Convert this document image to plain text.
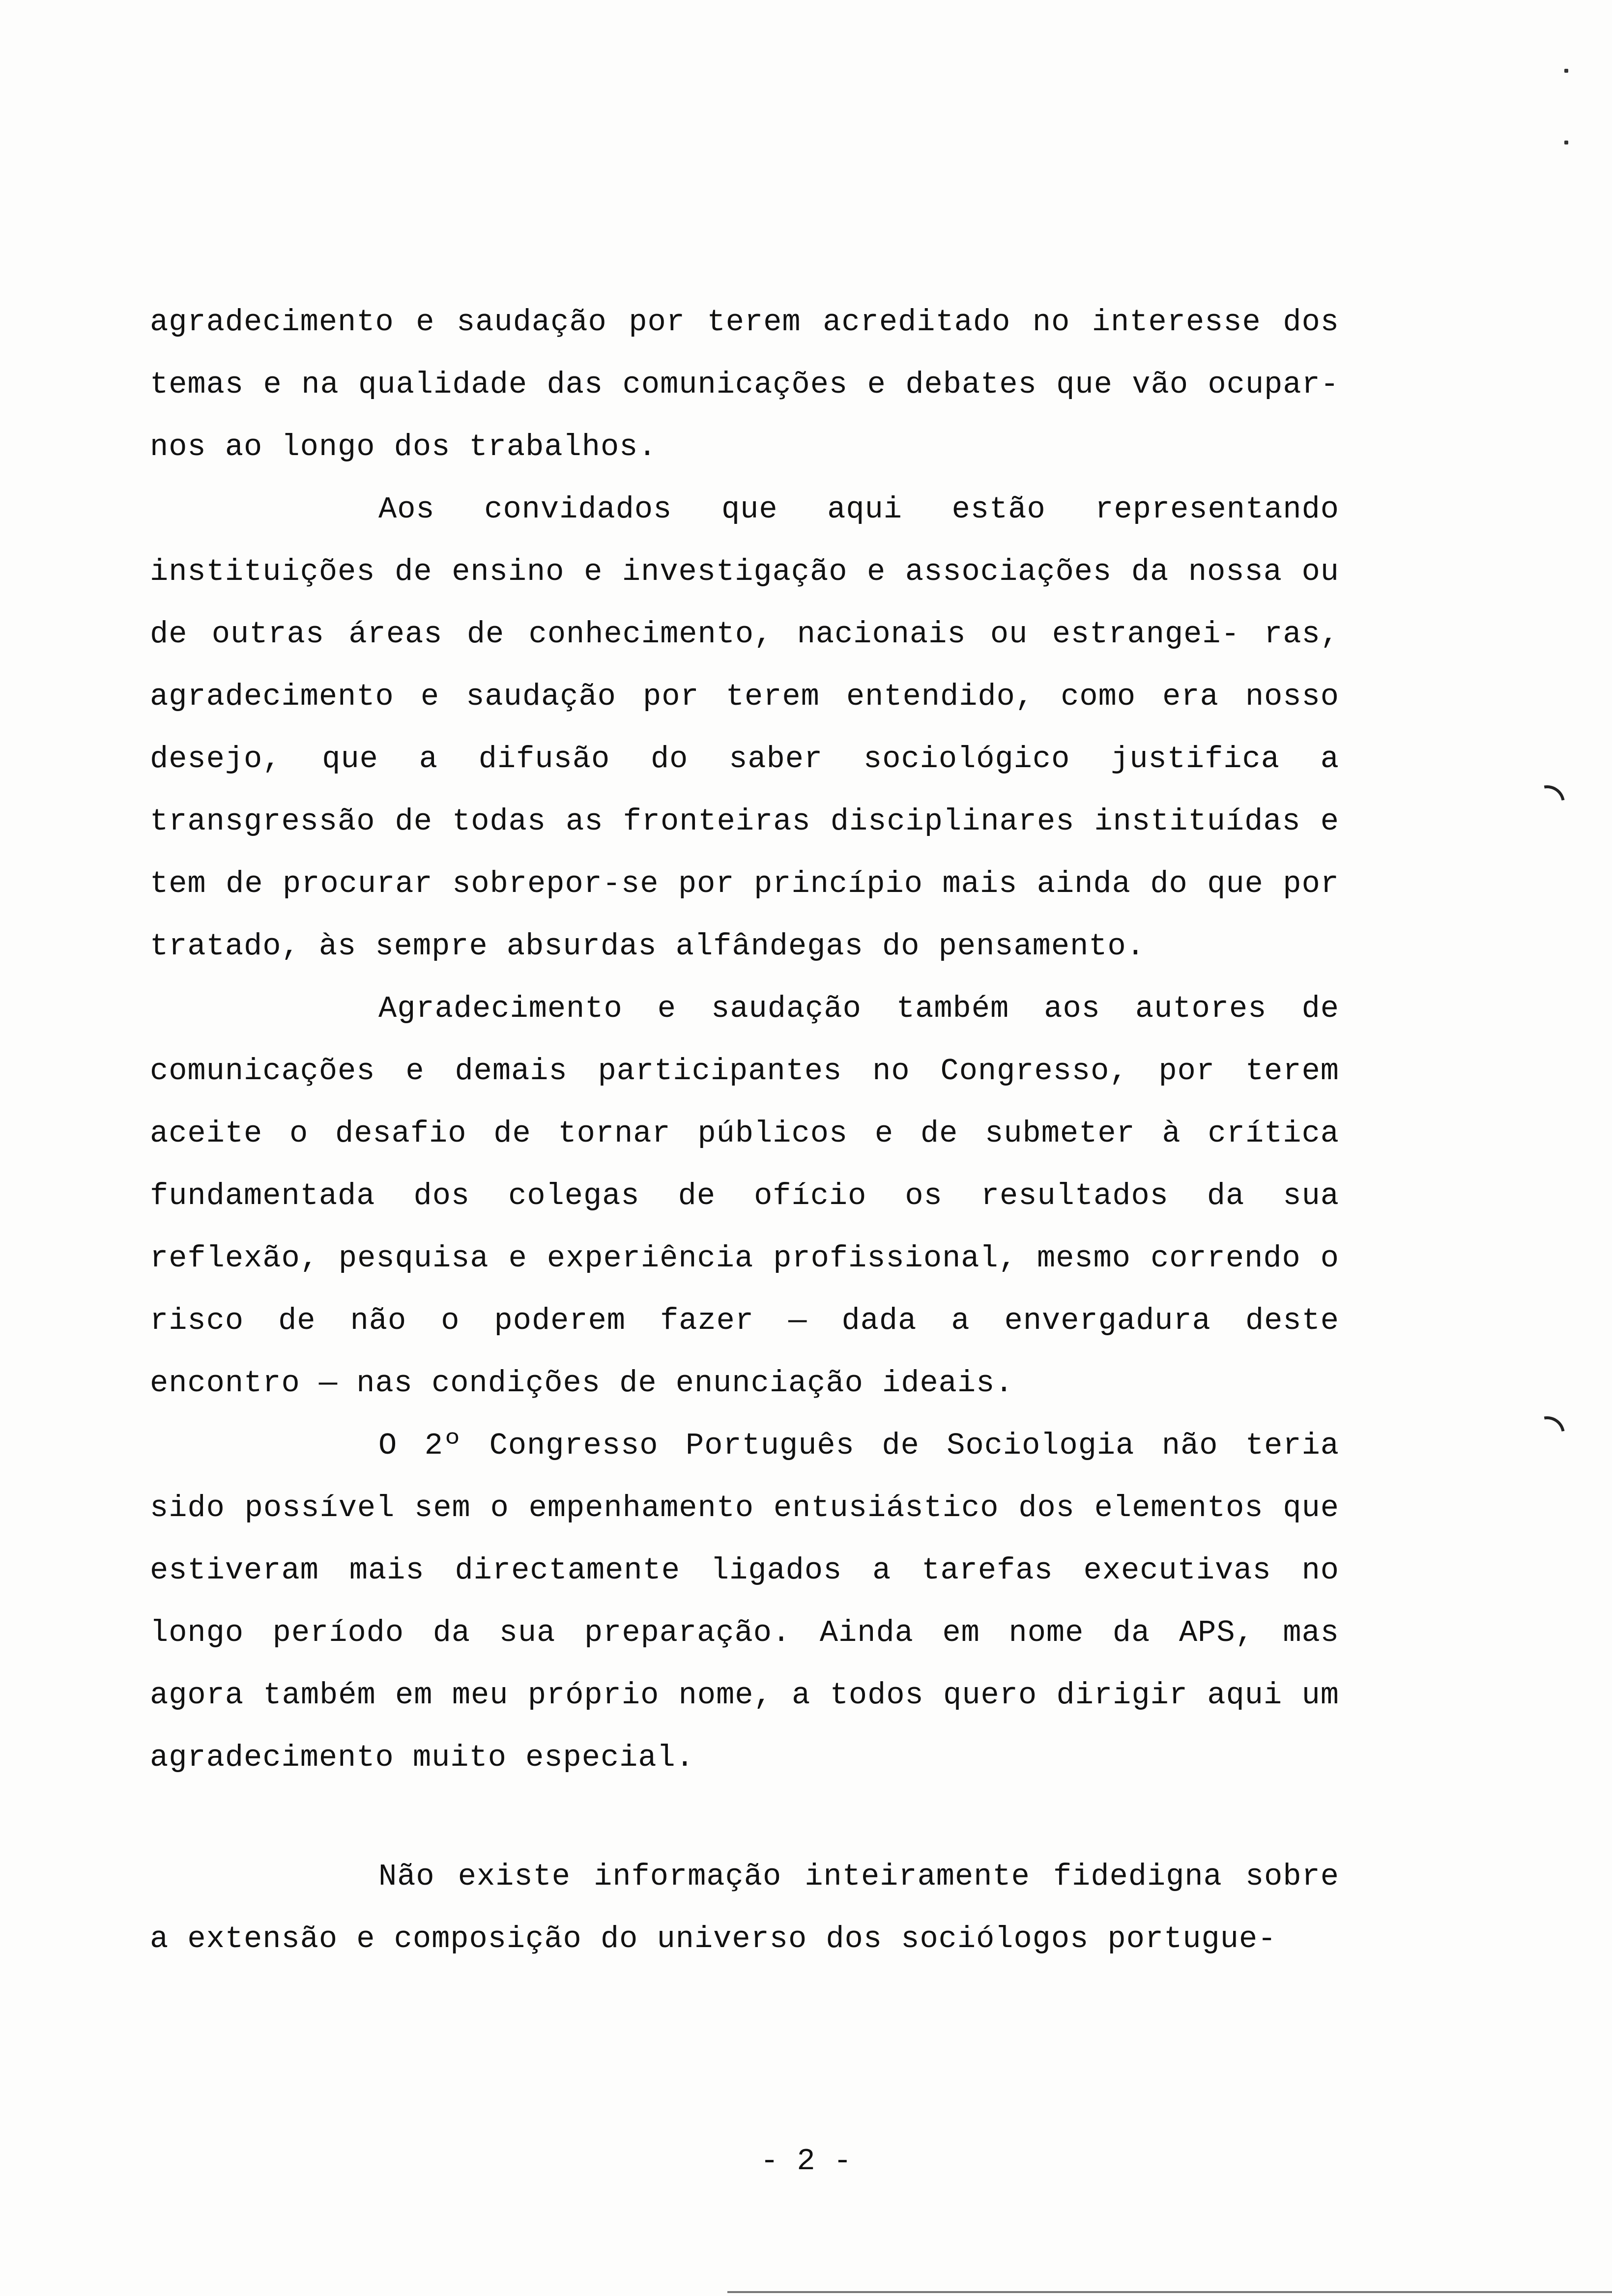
agradecimento e saudação por terem acreditado no interesse dos temas e na qualidade das comunicações e debates que vão ocupar-nos ao longo dos trabalhos.

Aos convidados que aqui estão representando instituições de ensino e investigação e associações da nossa ou de outras áreas de conhecimento, nacionais ou estrangei- ras, agradecimento e saudação por terem entendido, como era nosso desejo, que a difusão do saber sociológico justifica a transgressão de todas as fronteiras disciplinares instituídas e tem de procurar sobrepor-se por princípio mais ainda do que por tratado, às sempre absurdas alfândegas do pensamento.

Agradecimento e saudação também aos autores de comunicações e demais participantes no Congresso, por terem aceite o desafio de tornar públicos e de submeter à crítica fundamentada dos colegas de ofício os resultados da sua reflexão, pesquisa e experiência profissional, mesmo correndo o risco de não o poderem fazer — dada a envergadura deste encontro — nas condições de enunciação ideais.

O 2º Congresso Português de Sociologia não teria sido possível sem o empenhamento entusiástico dos elementos que estiveram mais directamente ligados a tarefas executivas no longo período da sua preparação. Ainda em nome da APS, mas agora também em meu próprio nome, a todos quero dirigir aqui um agradecimento muito especial.

Não existe informação inteiramente fidedigna sobre a extensão e composição do universo dos sociólogos portugue-

- 2 -
